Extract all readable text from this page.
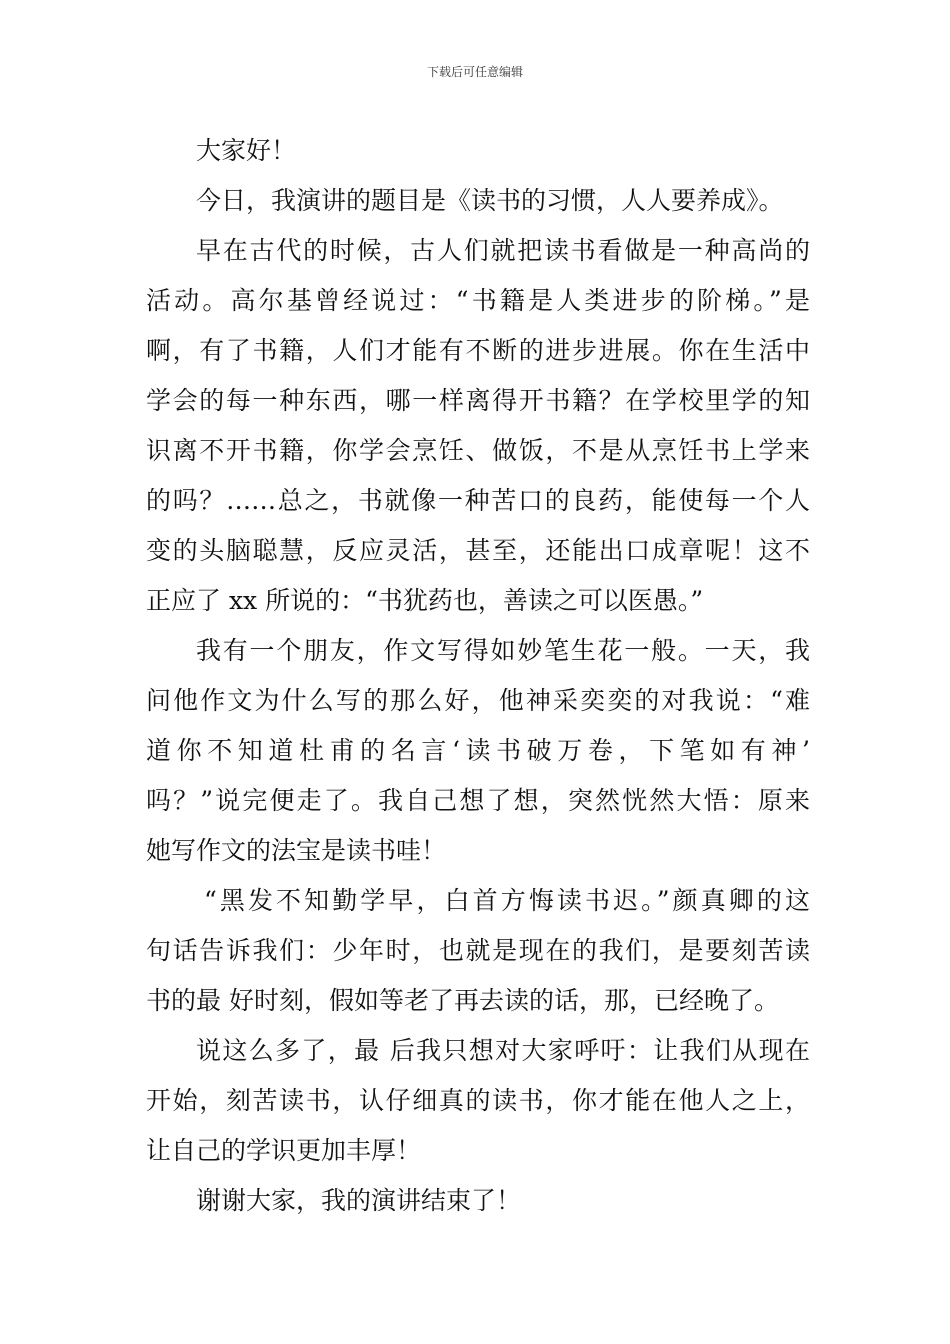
下载后可任意编辑
大家好！
今日，我演讲的题目是《读书的习惯，人人要养成》。
早在古代的时候，古人们就把读书看做是一种高尚的
活动。高尔基曾经说过：“书籍是人类进步的阶梯。”是
啊，有了书籍，人们才能有不断的进步进展。你在生活中
学会的每一种东西，哪一样离得开书籍？在学校里学的知
识离不开书籍，你学会烹饪、做饭，不是从烹饪书上学来
的吗？……总之，书就像一种苦口的良药，能使每一个人
变的头脑聪慧，反应灵活，甚至，还能出口成章呢！这不
正应了 xx 所说的：“书犹药也，善读之可以医愚。”
我有一个朋友，作文写得如妙笔生花一般。一天，我
问他作文为什么写的那么好，他神采奕奕的对我说：“难
道你不知道杜甫的名言‘读书破万卷，下笔如有神’
吗？”说完便走了。我自己想了想，突然恍然大悟：原来
她写作文的法宝是读书哇！
“黑发不知勤学早，白首方悔读书迟。”颜真卿的这
句话告诉我们：少年时，也就是现在的我们，是要刻苦读
书的最 好时刻，假如等老了再去读的话，那，已经晚了。
说这么多了，最 后我只想对大家呼吁：让我们从现在
开始，刻苦读书，认仔细真的读书，你才能在他人之上，
让自己的学识更加丰厚！
谢谢大家，我的演讲结束了！
